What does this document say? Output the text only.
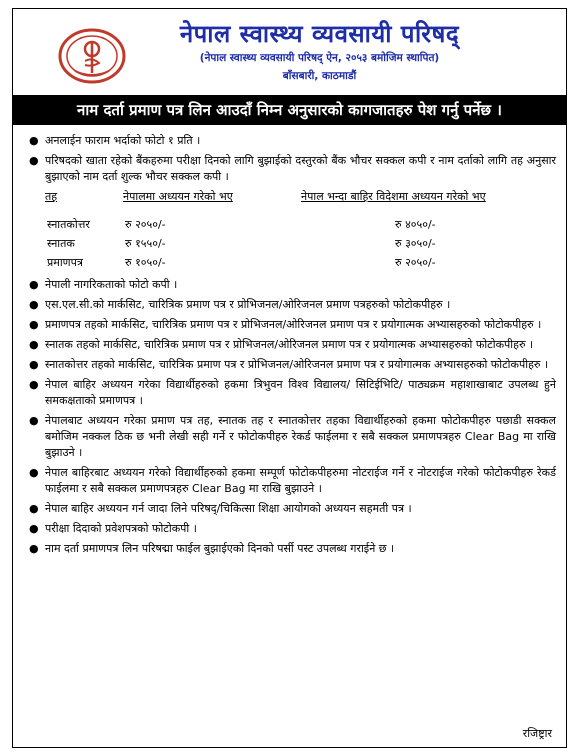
नेपाल स्वास्थ्य व्यवसायी परिषद्
(नेपाल स्वास्थ्य व्यवसायी परिषद् ऐन, २०५३ बमोजिम स्थापित)
बाँसबारी, काठमाडौं
नाम दर्ता प्रमाण पत्र लिन आउदाँ निम्न अनुसारको कागजातहरु पेश गर्नु पर्नेछ ।
● अनलाईन फाराम भर्दाको फोटो १ प्रति ।
● परिषदको खाता रहेको बैंकहरुमा परीक्षा दिनको लागि बुझाईको दस्तुरको बैंक भौचर सक्कल कपी र नाम दर्ताको लागि तह अनुसार बुझाएको नाम दर्ता शुल्क भौचर सक्कल कपी ।
तह	नेपालमा अध्ययन गरेको भए	नेपाल भन्दा बाहिर विदेशमा अध्ययन गरेको भए
स्नातकोत्तर	रु २०५०/-	रु ४०५०/-
स्नातक	रु १५५०/-	रु ३०५०/-
प्रमाणपत्र	रु १०५०/-	रु २०५०/-
● नेपाली नागरिकताको फोटो कपी ।
● एस.एल.सी.को मार्कसिट, चारित्रिक प्रमाण पत्र र प्रोभिजनल/ओरिजनल प्रमाण पत्रहरुको फोटोकपीहरु ।
● प्रमाणपत्र तहको मार्कसिट, चारित्रिक प्रमाण पत्र र प्रोभिजनल/ओरिजनल प्रमाण पत्र र प्रयोगात्मक अभ्यासहरुको फोटोकपीहरु ।
● स्नातक तहको मार्कसिट, चारित्रिक प्रमाण पत्र र प्रोभिजनल/ओरिजनल प्रमाण पत्र र प्रयोगात्मक अभ्यासहरुको फोटोकपीहरु ।
● स्नातकोत्तर तहको मार्कसिट, चारित्रिक प्रमाण पत्र र प्रोभिजनल/ओरिजनल प्रमाण पत्र र प्रयोगात्मक अभ्यासहरुको फोटोकपीहरु ।
● नेपाल बाहिर अध्ययन गरेका विद्यार्थीहरुको हकमा त्रिभुवन विश्व विद्यालय/ सिटिईभिटि/ पाठ्यक्रम महाशाखाबाट उपलब्ध हुने समकक्षताको प्रमाणपत्र ।
● नेपालबाट अध्ययन गरेका प्रमाण पत्र तह, स्नातक तह र स्नातकोत्तर तहका विद्यार्थीहरुको हकमा फोटोकपीहरु पछाडी सक्कल बमोजिम नक्कल ठिक छ भनी लेखी सही गर्ने र फोटोकपीहरु रेकर्ड फाईलमा र सबै सक्कल प्रमाणपत्रहरु Clear Bag मा राखि बुझाउने ।
● नेपाल बाहिरबाट अध्ययन गरेको विद्यार्थीहरुको हकमा सम्पूर्ण फोटोकपीहरुमा नोटराईज गर्ने र नोटराईज गरेको फोटोकपीहरु रेकर्ड फाईलमा र सबै सक्कल प्रमाणपत्रहरु Clear Bag मा राखि बुझाउने ।
● नेपाल बाहिर अध्ययन गर्न जादा लिने परिषद्/चिकित्सा शिक्षा आयोगको अध्ययन सहमती पत्र ।
● परीक्षा दिदाको प्रवेशपत्रको फोटोकपी ।
● नाम दर्ता प्रमाणपत्र लिन परिषद्मा फाईल बुझाईएको दिनको पर्सी पस्ट उपलब्ध गराईने छ ।
रजिष्ट्रार
